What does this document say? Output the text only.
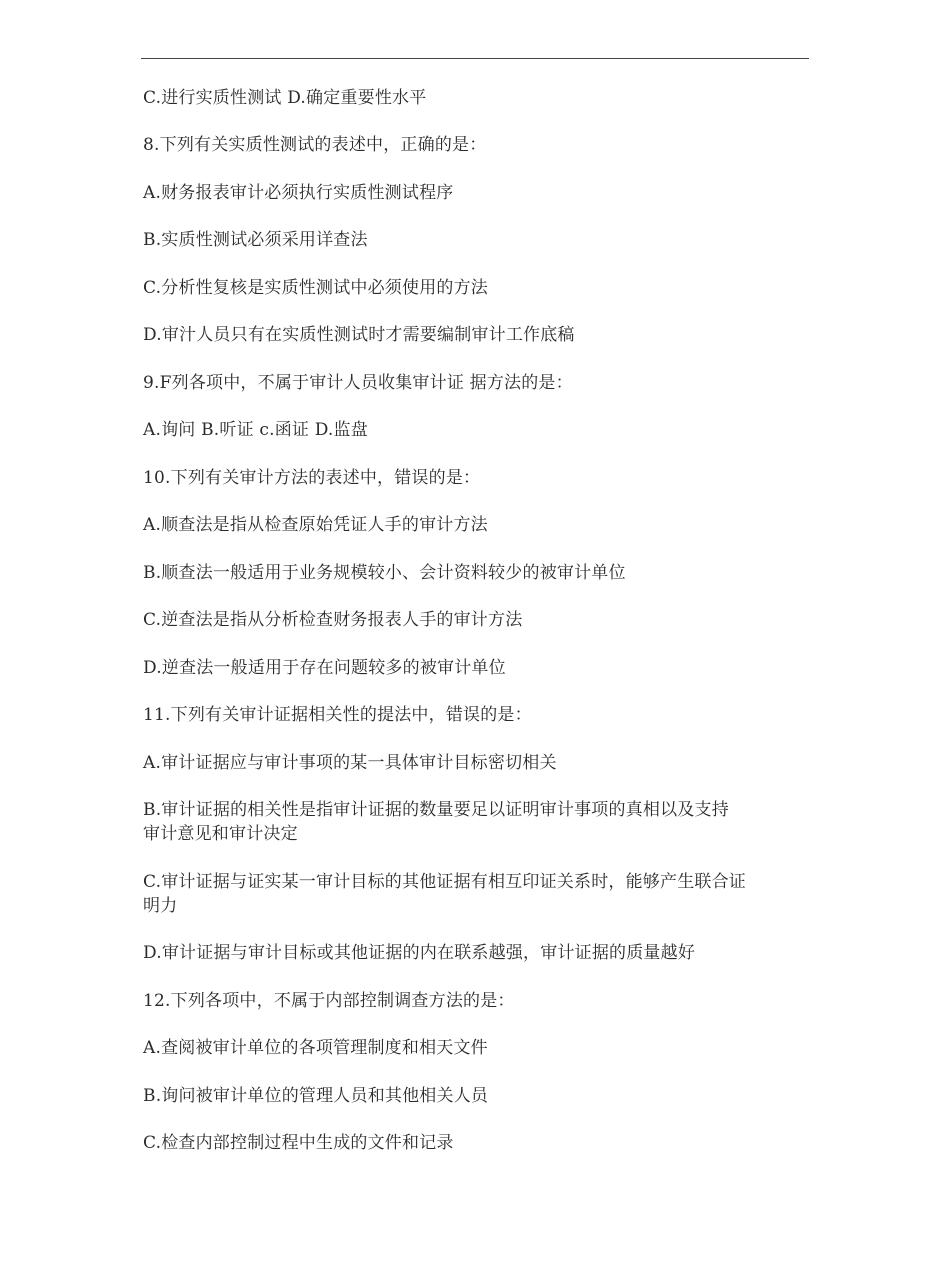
C.进行实质性测试 D.确定重要性水平
8.下列有关实质性测试的表述中，正确的是：
A.财务报表审计必须执行实质性测试程序
B.实质性测试必须采用详查法
C.分析性复核是实质性测试中必须使用的方法
D.审汁人员只有在实质性测试时才需要编制审计工作底稿
9.F列各项中，不属于审计人员收集审计证 据方法的是：
A.询问 B.听证 c.函证 D.监盘
10.下列有关审计方法的表述中，错误的是：
A.顺查法是指从检查原始凭证人手的审计方法
B.顺查法一般适用于业务规模较小、会计资料较少的被审计单位
C.逆查法是指从分析检查财务报表人手的审计方法
D.逆查法一般适用于存在问题较多的被审计单位
11.下列有关审计证据相关性的提法中，错误的是：
A.审计证据应与审计事项的某一具体审计目标密切相关
B.审计证据的相关性是指审计证据的数量要足以证明审计事项的真相以及支持
审计意见和审计决定
C.审计证据与证实某一审计目标的其他证据有相互印证关系时，能够产生联合证
明力
D.审计证据与审计目标或其他证据的内在联系越强，审计证据的质量越好
12.下列各项中，不属于内部控制调查方法的是：
A.查阅被审计单位的各项管理制度和相天文件
B.询问被审计单位的管理人员和其他相关人员
C.检查内部控制过程中生成的文件和记录
